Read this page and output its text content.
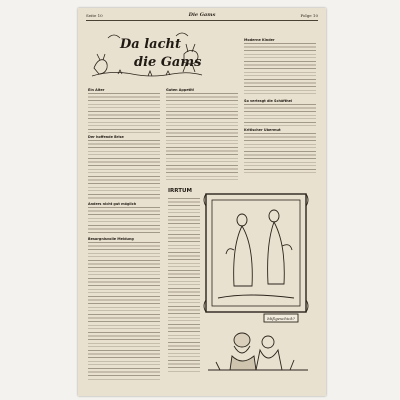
Seite 10	Die Gams	Folge 10
Da lacht
die Gams
Ein Alter
Der hoffende Brise
Anders nicht gut möglich
Besorgnisvolle Meldung
Guten Appetit!
Moderne Kinder
So vertragt die Schäfthei
Kritischer Ubermut
IRRTUM
Mißgeschick?
